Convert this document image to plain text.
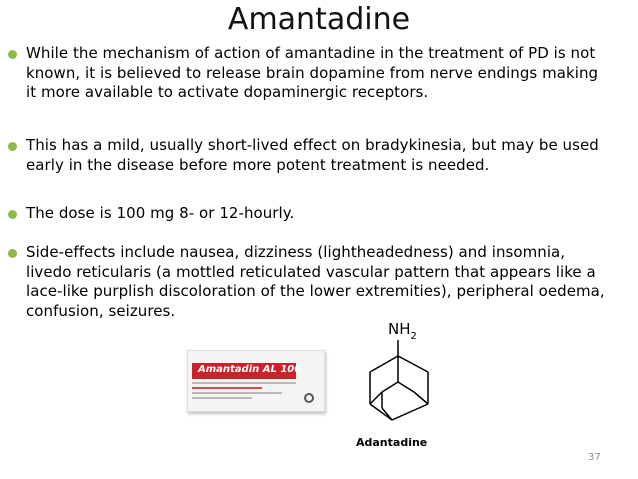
Amantadine
While the mechanism of action of amantadine in the treatment of PD is not
known, it is believed to release brain dopamine from nerve endings making
it more available to activate dopaminergic receptors.
This has a mild, usually short-lived effect on bradykinesia, but may be used
early in the disease before more potent treatment is needed.
The dose is 100 mg 8- or 12-hourly.
Side-effects include nausea, dizziness (lightheadedness) and insomnia,
livedo reticularis (a mottled reticulated vascular pattern that appears like a
lace-like purplish discoloration of the lower extremities), peripheral oedema,
confusion, seizures.
Amantadin AL 100
$NH_2$
Adantadine
37
